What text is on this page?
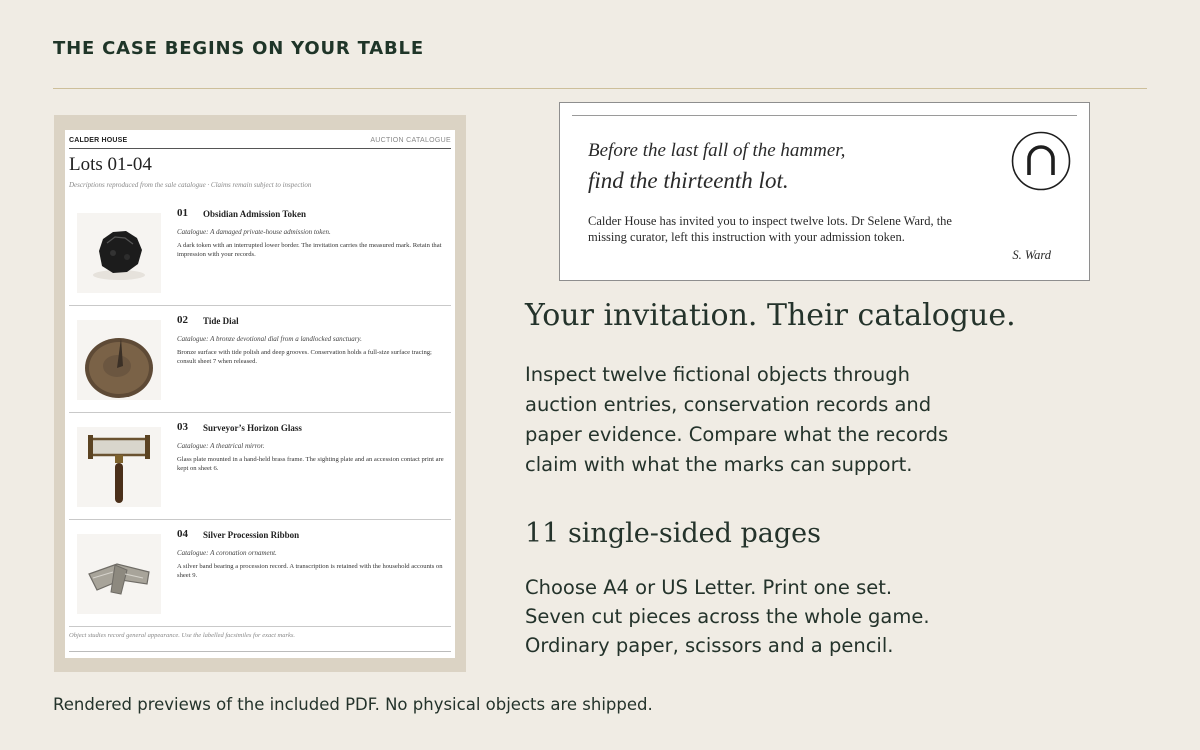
THE CASE BEGINS ON YOUR TABLE
CALDER HOUSE	AUCTION CATALOGUE
Lots 01-04
Descriptions reproduced from the sale catalogue · Claims remain subject to inspection
01 Obsidian Admission Token
Catalogue: A damaged private-house admission token.
A dark token with an interrupted lower border. The invitation carries the measured mark. Retain that impression with your records.
02 Tide Dial
Catalogue: A bronze devotional dial from a landlocked sanctuary.
Bronze surface with tide polish and deep grooves. Conservation holds a full-size surface tracing; consult sheet 7 when released.
03 Surveyor’s Horizon Glass
Catalogue: A theatrical mirror.
Glass plate mounted in a hand-held brass frame. The sighting plate and an accession contact print are kept on sheet 6.
04 Silver Procession Ribbon
Catalogue: A coronation ornament.
A silver band bearing a procession record. A transcription is retained with the household accounts on sheet 9.
Object studies record general appearance. Use the labelled facsimiles for exact marks.
Before the last fall of the hammer,
find the thirteenth lot.
Calder House has invited you to inspect twelve lots. Dr Selene Ward, the missing curator, left this instruction with your admission token.
S. Ward
Your invitation. Their catalogue.

Inspect twelve fictional objects through auction entries, conservation records and paper evidence. Compare what the records claim with what the marks can support.

11 single-sided pages
Choose A4 or US Letter. Print one set.
Seven cut pieces across the whole game.
Ordinary paper, scissors and a pencil.

Rendered previews of the included PDF. No physical objects are shipped.
